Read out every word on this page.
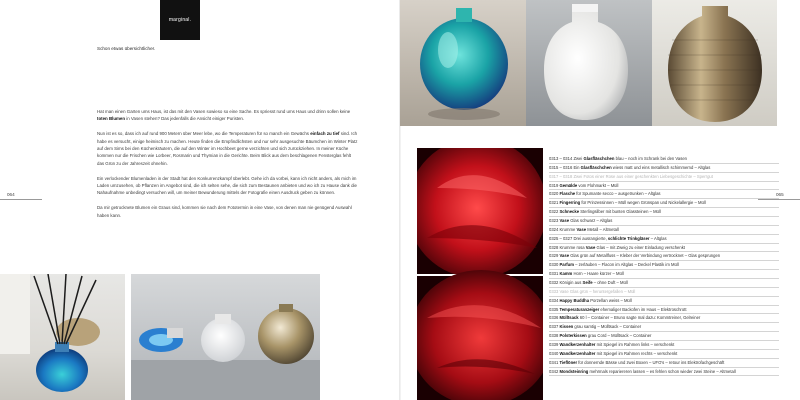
marginal.
Schon etwas übersichtlicher.

Hat man einen Garten ums Haus, ist das mit den Vasen sowieso so eine Sache. Es spriesst rund ums Haus und drinn sollen keine toten Blumen in Vasen stehen? Das jedenfalls die Ansicht einiger Puristen.

Nun ist es so, dass ich auf rund 900 Metern über Meer lebe, wo die Temperaturen für so manch ein Gewächs einfach zu tief sind. Ich habe es versucht, einige heimisch zu machen. Heute finden die Empfindlichsten und nur sehr ausgesuchte Bäumchen im Winter Platz auf dem Sims bei den Küchenkräutern, die auf den Winter im Hochbeet gerne verzichten und sich zurückziehen. In meiner Küche kommen nur die Frischen wie Lorbeer, Rosmarin und Thymian in die Gerichte. Beim Blick aus dem beschlagenen Fensterglas fehlt das Grün zu der Jahreszeit ohnehin.

Ein verlockender Blumenladen in der Stadt hat den Konkurrenzkampf überlebt. Gehe ich da vorbei, kann ich nicht anders, als mich im Laden umzusehen, ob Pflanzen im Angebot sind, die ich selten sehe, die sich zum Bestaunen anbieten und wo ich zu Hause dank die Nahaufnahme unbedingt versuchen will, um meiner Bewunderung mittels der Fotografie einen Ausdruck geben zu können.

Da mir getrocknete Blumen ein Graus sind, kommen sie nach dem Fototermin in eine Vase, von denen man nie genügend Auswahl haben kann.

064
0313 – 0314 Zwei Glasfläschchen blau – noch im Schrank bei den Vasen
0315 – 0316 Ein Glasfläschchen wiess matt und eins metallisch schimmernd – Altglas
0317 – 0318 Zwei Fotos einer Rose aus einer geschenkten Liebesgeschichte – Sperrgut
0319 Gemälde vom Flohmarkt – Müll
0320 Flasche für Spumante secco – ausgetrunken – Altglas
0321 Fingerring für Prinzessinnen – Müll wegen Grünspan und Nickelallergie – Müll
0322 Schnecke Sterlingsilber mit bunten Glassteinen – Müll
0323 Vase Glas schwarz – Altglas
0324 Krumme Vase Metall – Altmetall
0325 – 0327 Drei ausrangierte, schlichte Trinkgläser – Altglas
0328 Krumme rosa Vase Glas – mit Zweig zu einer Einladung verschenkt
0329 Vase Glas grün auf Metallfuss – Kleber der Verbindung vertrocknet – Glas gesprungen
0330 Parfum – zerläuben – Flacon im Altglas – Deckel Plastik im Müll
0331 Kamm Horn – Haare kürzer – Müll
0332 Königin aus Seife – ohne Duft – Müll
0333 Vase Glas grün – heruntergefallen – Müll
0334 Happy Buddha Porzellan weiss – Müll
0335 Temperaturanzeiger ehemaliger Backofen im Haus – Elektroschrott
0336 Mülltsack 60 l – Container – Bruno sagte mal dazu: Kommtreiner, Gelreiner
0337 Kissen grau samtig – Mülltsack – Container
0338 Polsterkissen grau Cord – Mülltsack – Container
0339 Wandkerzenhalter mit Spiegel im Rahmen links – verschenkt
0340 Wandkerzenhalter mit Spiegel im Rahmen rechts – verschenkt
0341 Tieflöner für donnernde Bässe und zwei Boxen – UFO's – retour ins Elektrofachgeschäft
0342 Mondsteinring mehrmals repariereren lassen – es fehlen schon wieder zwei Steine – Altmetall
065
